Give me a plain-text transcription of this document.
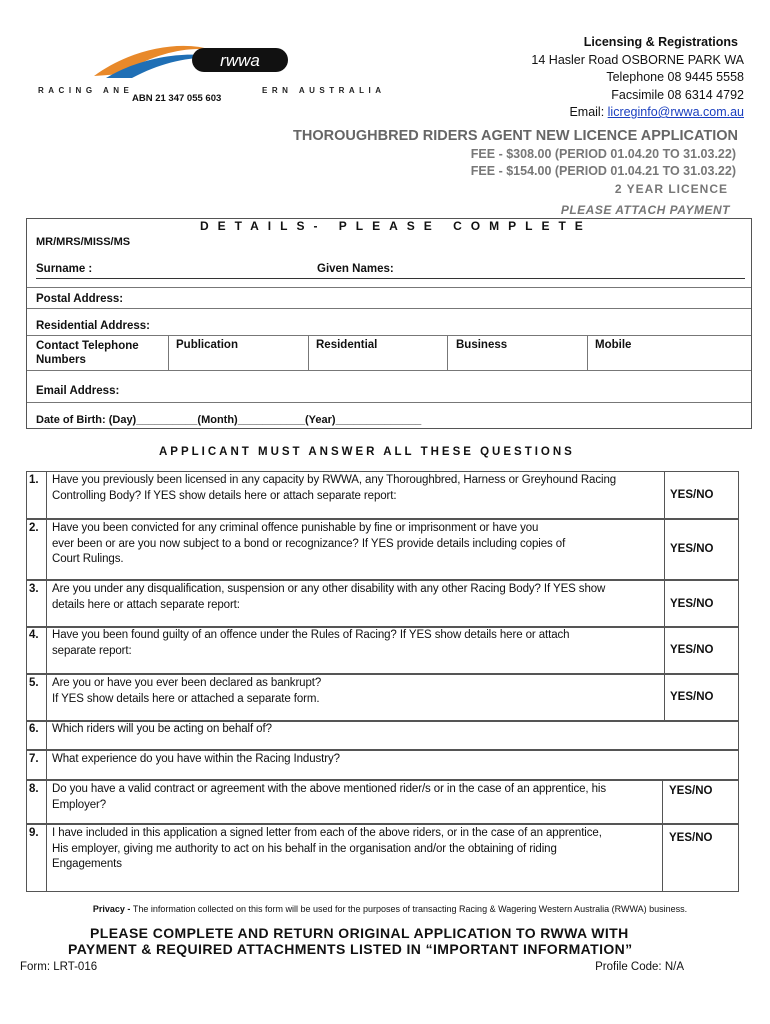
rwwa
RACING ANE	ERN AUSTRALIA
ABN 21 347 055 603
Licensing & Registrations
14 Hasler Road OSBORNE PARK WA
Telephone 08 9445 5558
Facsimile 08 6314 4792
Email: licreginfo@rwwa.com.au
THOROUGHBRED RIDERS AGENT NEW LICENCE APPLICATION
FEE - $308.00 (PERIOD 01.04.20 TO 31.03.22)
FEE - $154.00 (PERIOD 01.04.21 TO 31.03.22)
2 YEAR LICENCE
PLEASE ATTACH PAYMENT
DETAILS- PLEASE COMPLETE
MR/MRS/MISS/MS
Surname :	Given Names:
Postal Address:
Residential Address:
Contact Telephone
Numbers
Publication	Residential	Business	Mobile
Email Address:
Date of Birth: (Day)__________(Month)___________(Year)______________
APPLICANT MUST ANSWER ALL THESE QUESTIONS
1. Have you previously been licensed in any capacity by RWWA, any Thoroughbred, Harness or Greyhound Racing
Controlling Body? If YES show details here or attach separate report:	YES/NO
2. Have you been convicted for any criminal offence punishable by fine or imprisonment or have you
ever been or are you now subject to a bond or recognizance? If YES provide details including copies of
Court Rulings.
YES/NO
3. Are you under any disqualification, suspension or any other disability with any other Racing Body? If YES show
details here or attach separate report:	YES/NO
4. Have you been found guilty of an offence under the Rules of Racing? If YES show details here or attach
separate report:	YES/NO
5. Are you or have you ever been declared as bankrupt?
If YES show details here or attached a separate form.	YES/NO
6. Which riders will you be acting on behalf of?
7. What experience do you have within the Racing Industry?
8. Do you have a valid contract or agreement with the above mentioned rider/s or in the case of an apprentice, his
Employer?
YES/NO
9. I have included in this application a signed letter from each of the above riders, or in the case of an apprentice,
His employer, giving me authority to act on his behalf in the organisation and/or the obtaining of riding
Engagements
YES/NO
Privacy - The information collected on this form will be used for the purposes of transacting Racing & Wagering Western Australia (RWWA) business.
PLEASE COMPLETE AND RETURN ORIGINAL APPLICATION TO RWWA WITH
PAYMENT & REQUIRED ATTACHMENTS LISTED IN “IMPORTANT INFORMATION”
Form: LRT-016	Profile Code: N/A
